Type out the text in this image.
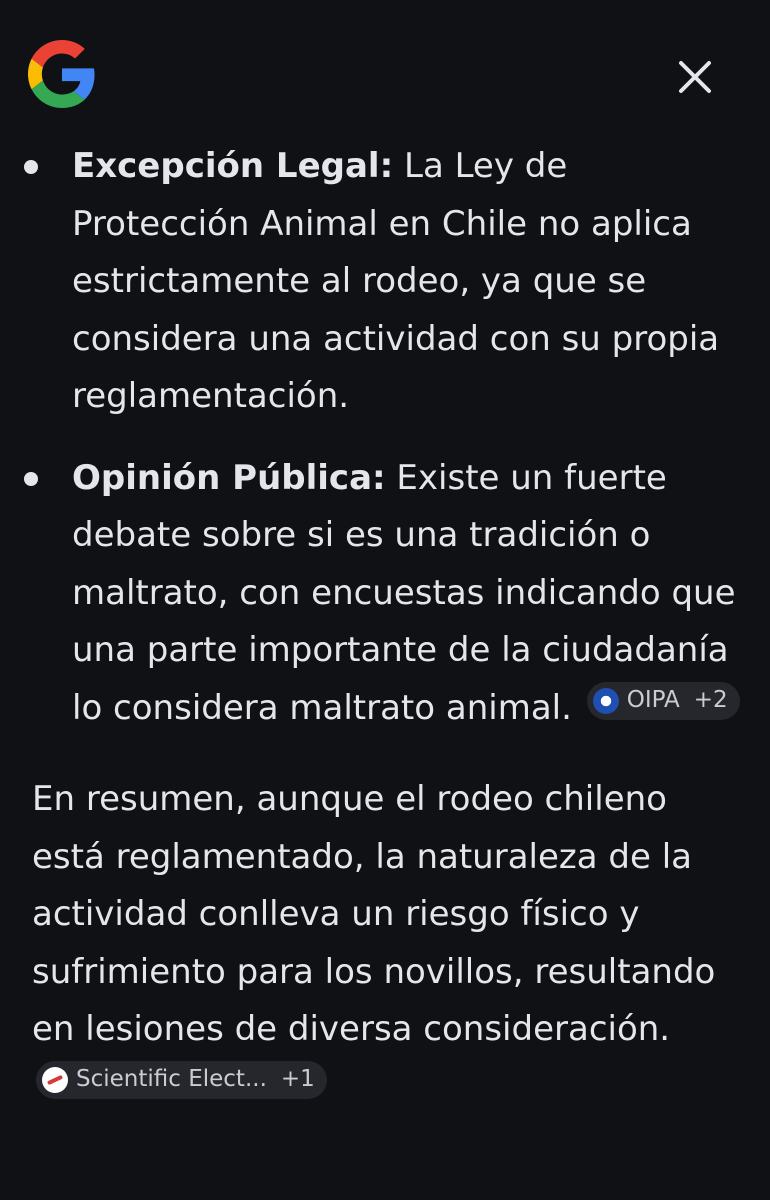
Excepción Legal: La Ley de Protección Animal en Chile no aplica estrictamente al rodeo, ya que se considera una actividad con su propia reglamentación.
Opinión Pública: Existe un fuerte debate sobre si es una tradición o maltrato, con encuestas indicando que una parte importante de la ciudadanía lo considera maltrato animal. OIPA +2
En resumen, aunque el rodeo chileno está reglamentado, la naturaleza de la actividad conlleva un riesgo físico y sufrimiento para los novillos, resultando en lesiones de diversa consideración.
Scientific Elect... +1
